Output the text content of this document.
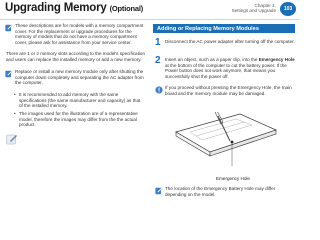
Upgrading Memory (Optional)	Chapter 4.
Settings and Upgrade 103
These descriptions are for models with a memory compartment cover. For the replacement or upgrade procedures for the memory of models that do not have a memory compartment cover, please ask for assistance from your service center.
There are 1 or 2 memory slots according to the model's specification and users can replace the installed memory or add a new memory.
Replace or install a new memory module only after shutting the computer down completely and separating the AC adapter from the computer.
• It is recommended to add memory with the same specifications (the same manufacturer and capacity) as that of the installed memory.
• The images used for the illustration are of a representative model, therefore the images may differ from the the actual product.
Adding or Replacing Memory Modules
1 Disconnect the AC power adapter after turning off the computer.
2 Insert an object, such as a paper clip, into the Emergency Hole at the bottom of the computer to cut the battery power. If the Power button does not work anymore, that means you successfully shut the power off.
If you proceed without pressing the Emergency Hole, the main board and the memory module may be damaged.
Emergency Hole
The location of the Emergency Battery Hole may differ depending on the model.
